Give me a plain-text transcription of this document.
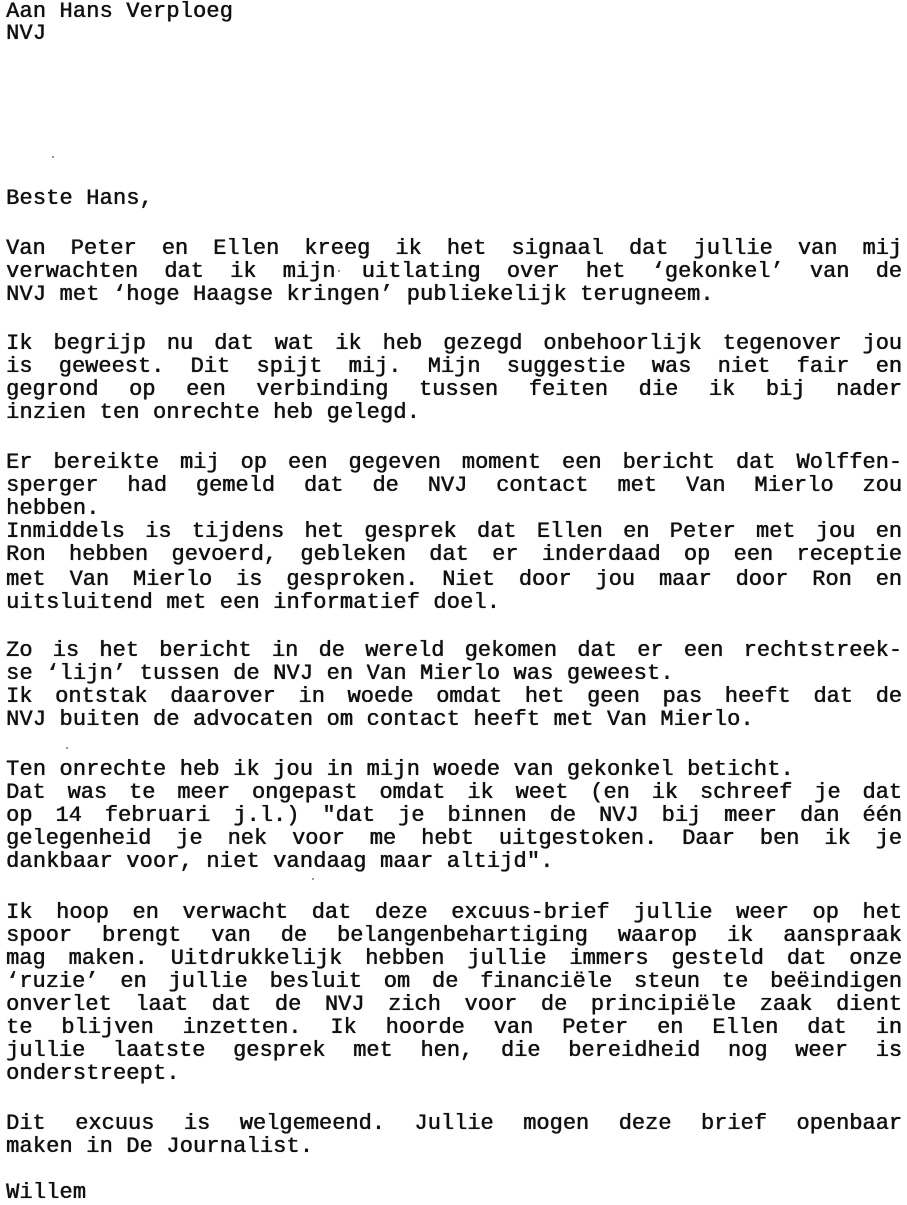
Aan Hans Verploeg
NVJ
Beste Hans,
Van Peter en Ellen kreeg ik het signaal dat jullie van mij
verwachten dat ik mijn uitlating over het ‘gekonkel’ van de
NVJ met ‘hoge Haagse kringen’ publiekelijk terugneem.
Ik begrijp nu dat wat ik heb gezegd onbehoorlijk tegenover jou
is geweest. Dit spijt mij. Mijn suggestie was niet fair en
gegrond op een verbinding tussen feiten die ik bij nader
inzien ten onrechte heb gelegd.
Er bereikte mij op een gegeven moment een bericht dat Wolffen-
sperger had gemeld dat de NVJ contact met Van Mierlo zou
hebben.
Inmiddels is tijdens het gesprek dat Ellen en Peter met jou en
Ron hebben gevoerd, gebleken dat er inderdaad op een receptie
met Van Mierlo is gesproken. Niet door jou maar door Ron en
uitsluitend met een informatief doel.
Zo is het bericht in de wereld gekomen dat er een rechtstreek-
se ‘lijn’ tussen de NVJ en Van Mierlo was geweest.
Ik ontstak daarover in woede omdat het geen pas heeft dat de
NVJ buiten de advocaten om contact heeft met Van Mierlo.
Ten onrechte heb ik jou in mijn woede van gekonkel beticht.
Dat was te meer ongepast omdat ik weet (en ik schreef je dat
op 14 februari j.l.) "dat je binnen de NVJ bij meer dan één
gelegenheid je nek voor me hebt uitgestoken. Daar ben ik je
dankbaar voor, niet vandaag maar altijd".
Ik hoop en verwacht dat deze excuus-brief jullie weer op het
spoor brengt van de belangenbehartiging waarop ik aanspraak
mag maken. Uitdrukkelijk hebben jullie immers gesteld dat onze
‘ruzie’ en jullie besluit om de financiële steun te beëindigen
onverlet laat dat de NVJ zich voor de principiële zaak dient
te blijven inzetten. Ik hoorde van Peter en Ellen dat in
jullie laatste gesprek met hen, die bereidheid nog weer is
onderstreept.
Dit excuus is welgemeend. Jullie mogen deze brief openbaar
maken in De Journalist.
Willem
